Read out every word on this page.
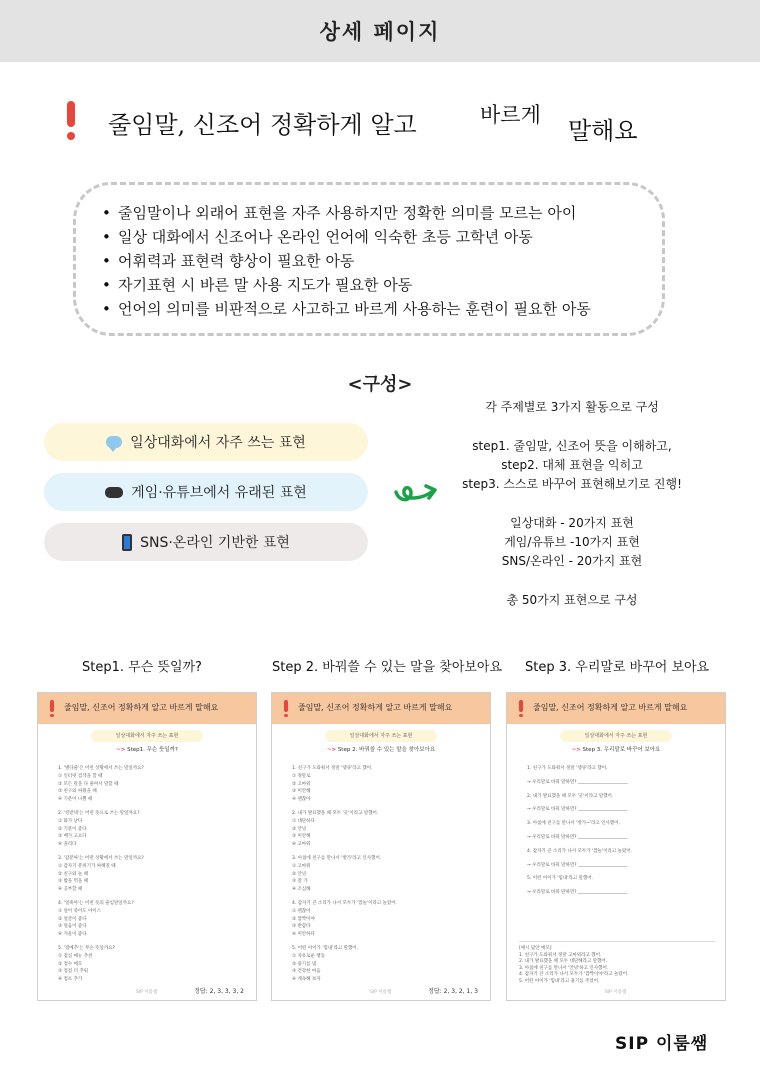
상세 페이지
줄임말, 신조어 정확하게 알고	바르게
말해요
• 줄임말이나 외래어 표현을 자주 사용하지만 정확한 의미를 모르는 아이
• 일상 대화에서 신조어나 온라인 언어에 익숙한 초등 고학년 아동
• 어휘력과 표현력 향상이 필요한 아동
• 자기표현 시 바른 말 사용 지도가 필요한 아동
• 언어의 의미를 비판적으로 사고하고 바르게 사용하는 훈련이 필요한 아동
<구성>
일상대화에서 자주 쓰는 표현
게임·유튜브에서 유래된 표현
SNS·온라인 기반한 표현

각 주제별로 3가지 활동으로 구성

step1. 줄임말, 신조어 뜻을 이해하고,

step2. 대체 표현을 익히고

step3. 스스로 바꾸어 표현해보기로 진행!

일상대화 - 20가지 표현

게임/유튜브 -10가지 표현

SNS/온라인 - 20가지 표현

총 50가지 표현으로 구성

Step1. 무슨 뜻일까?	Step 2. 바꿔쓸 수 있는 말을 찾아보아요 Step 3. 우리말로 바꾸어 보아요
줄임말, 신조어 정확하게 알고 바르게 말해요
일상대화에서 자주 쓰는 표현
~> Step1. 무슨 뜻일까?
1. '별다줄'은 어떤 상황에서 쓰는 말일까요?
① 인터넷 검색을 할 때
② 모든 말을 다 줄여서 말할 때
③ 친구와 싸웠을 때
④ 기분이 나쁠 때
2. '킹받네'는 어떤 뜻으로 쓰는 말일까요?
① 화가 난다
② 기분이 좋다
③ 배가 고프다
④ 졸리다
3. '갑분싸'는 어떤 상황에서 쓰는 말일까요?
① 갑자기 분위기가 싸해질 때
② 친구와 놀 때
③ 밥을 먹을 때
④ 공부할 때
4. '얼죽아'는 어떤 뜻의 줄임말일까요?
① 얼어 죽어도 아이스
② 얼굴이 좋다
③ 얼음이 좋다
④ 겨울이 좋다
5. '점메추'는 무슨 뜻일까요?
① 점심 메뉴 추천
② 점수 메모
③ 점점 더 추워
④ 점프 추가
SIP 이룸쌤	정답: 2, 3, 3, 3, 2
줄임말, 신조어 정확하게 알고 바르게 말해요
일상대화에서 자주 쓰는 표현
~> Step 2. 바꿔쓸 수 있는 말을 찾아보아요
1. 친구가 도와줘서 정말 '땡큐'라고 했어.
① 정말로
② 고마워
③ 미안해
④ 괜찮아
2. 내가 발표했을 때 모두 '굿'이라고 말했어.
① 대단하다
② 안녕
③ 미안해
④ 고마워
3. 아침에 친구를 만나서 '방가'라고 인사했어.
① 고마워
② 안녕
③ 잘 가
④ 조심해
4. 갑자기 큰 소리가 나서 모두가 '깜놀'이라고 놀랐어.
① 괜찮아
② 깜짝이야
③ 반갑다
④ 미안하다
5. 어떤 아이가 '힘내'라고 말했어.
① 자유로운 행동
② 용기를 냄
③ 건강한 마음
④ 계속해 보자
SIP 이룸쌤	정답: 2, 3, 2, 1, 3
줄임말, 신조어 정확하게 알고 바르게 말해요
일상대화에서 자주 쓰는 표현
~> Step 3. 우리말로 바꾸어 보아요
1. 친구가 도와줘서 정말 '땡큐'라고 했어.
→ 우리말로 바꿔 말하면? ______________________
2. 내가 발표했을 때 모두 '굿'이라고 말했어.
→ 우리말로 바꿔 말하면? ______________________
3. 아침에 친구를 만나서 '방가~'라고 인사했어.
→ 우리말로 바꿔 말하면? ______________________
4. 갑자기 큰 소리가 나서 모두가 '깜놀'이라고 놀랐어.
→ 우리말로 바꿔 말하면? ______________________
5. 어떤 아이가 '힘내'라고 말했어.
→ 우리말로 바꿔 말하면? ______________________
[예시 답안 메모]
1. 친구가 도와줘서 정말 고마워라고 했어.
2. 내가 발표했을 때 모두 대단해라고 말했어.
3. 아침에 친구를 만나서 '안녕'하고 인사했어.
4. 갑자기 큰 소리가 나서 모두가 '깜짝이야'라고 놀랐어.
5. 어떤 아이가 '힘내'라고 용기를 주었어.
SIP 이룸쌤
SIP 이룸쌤
